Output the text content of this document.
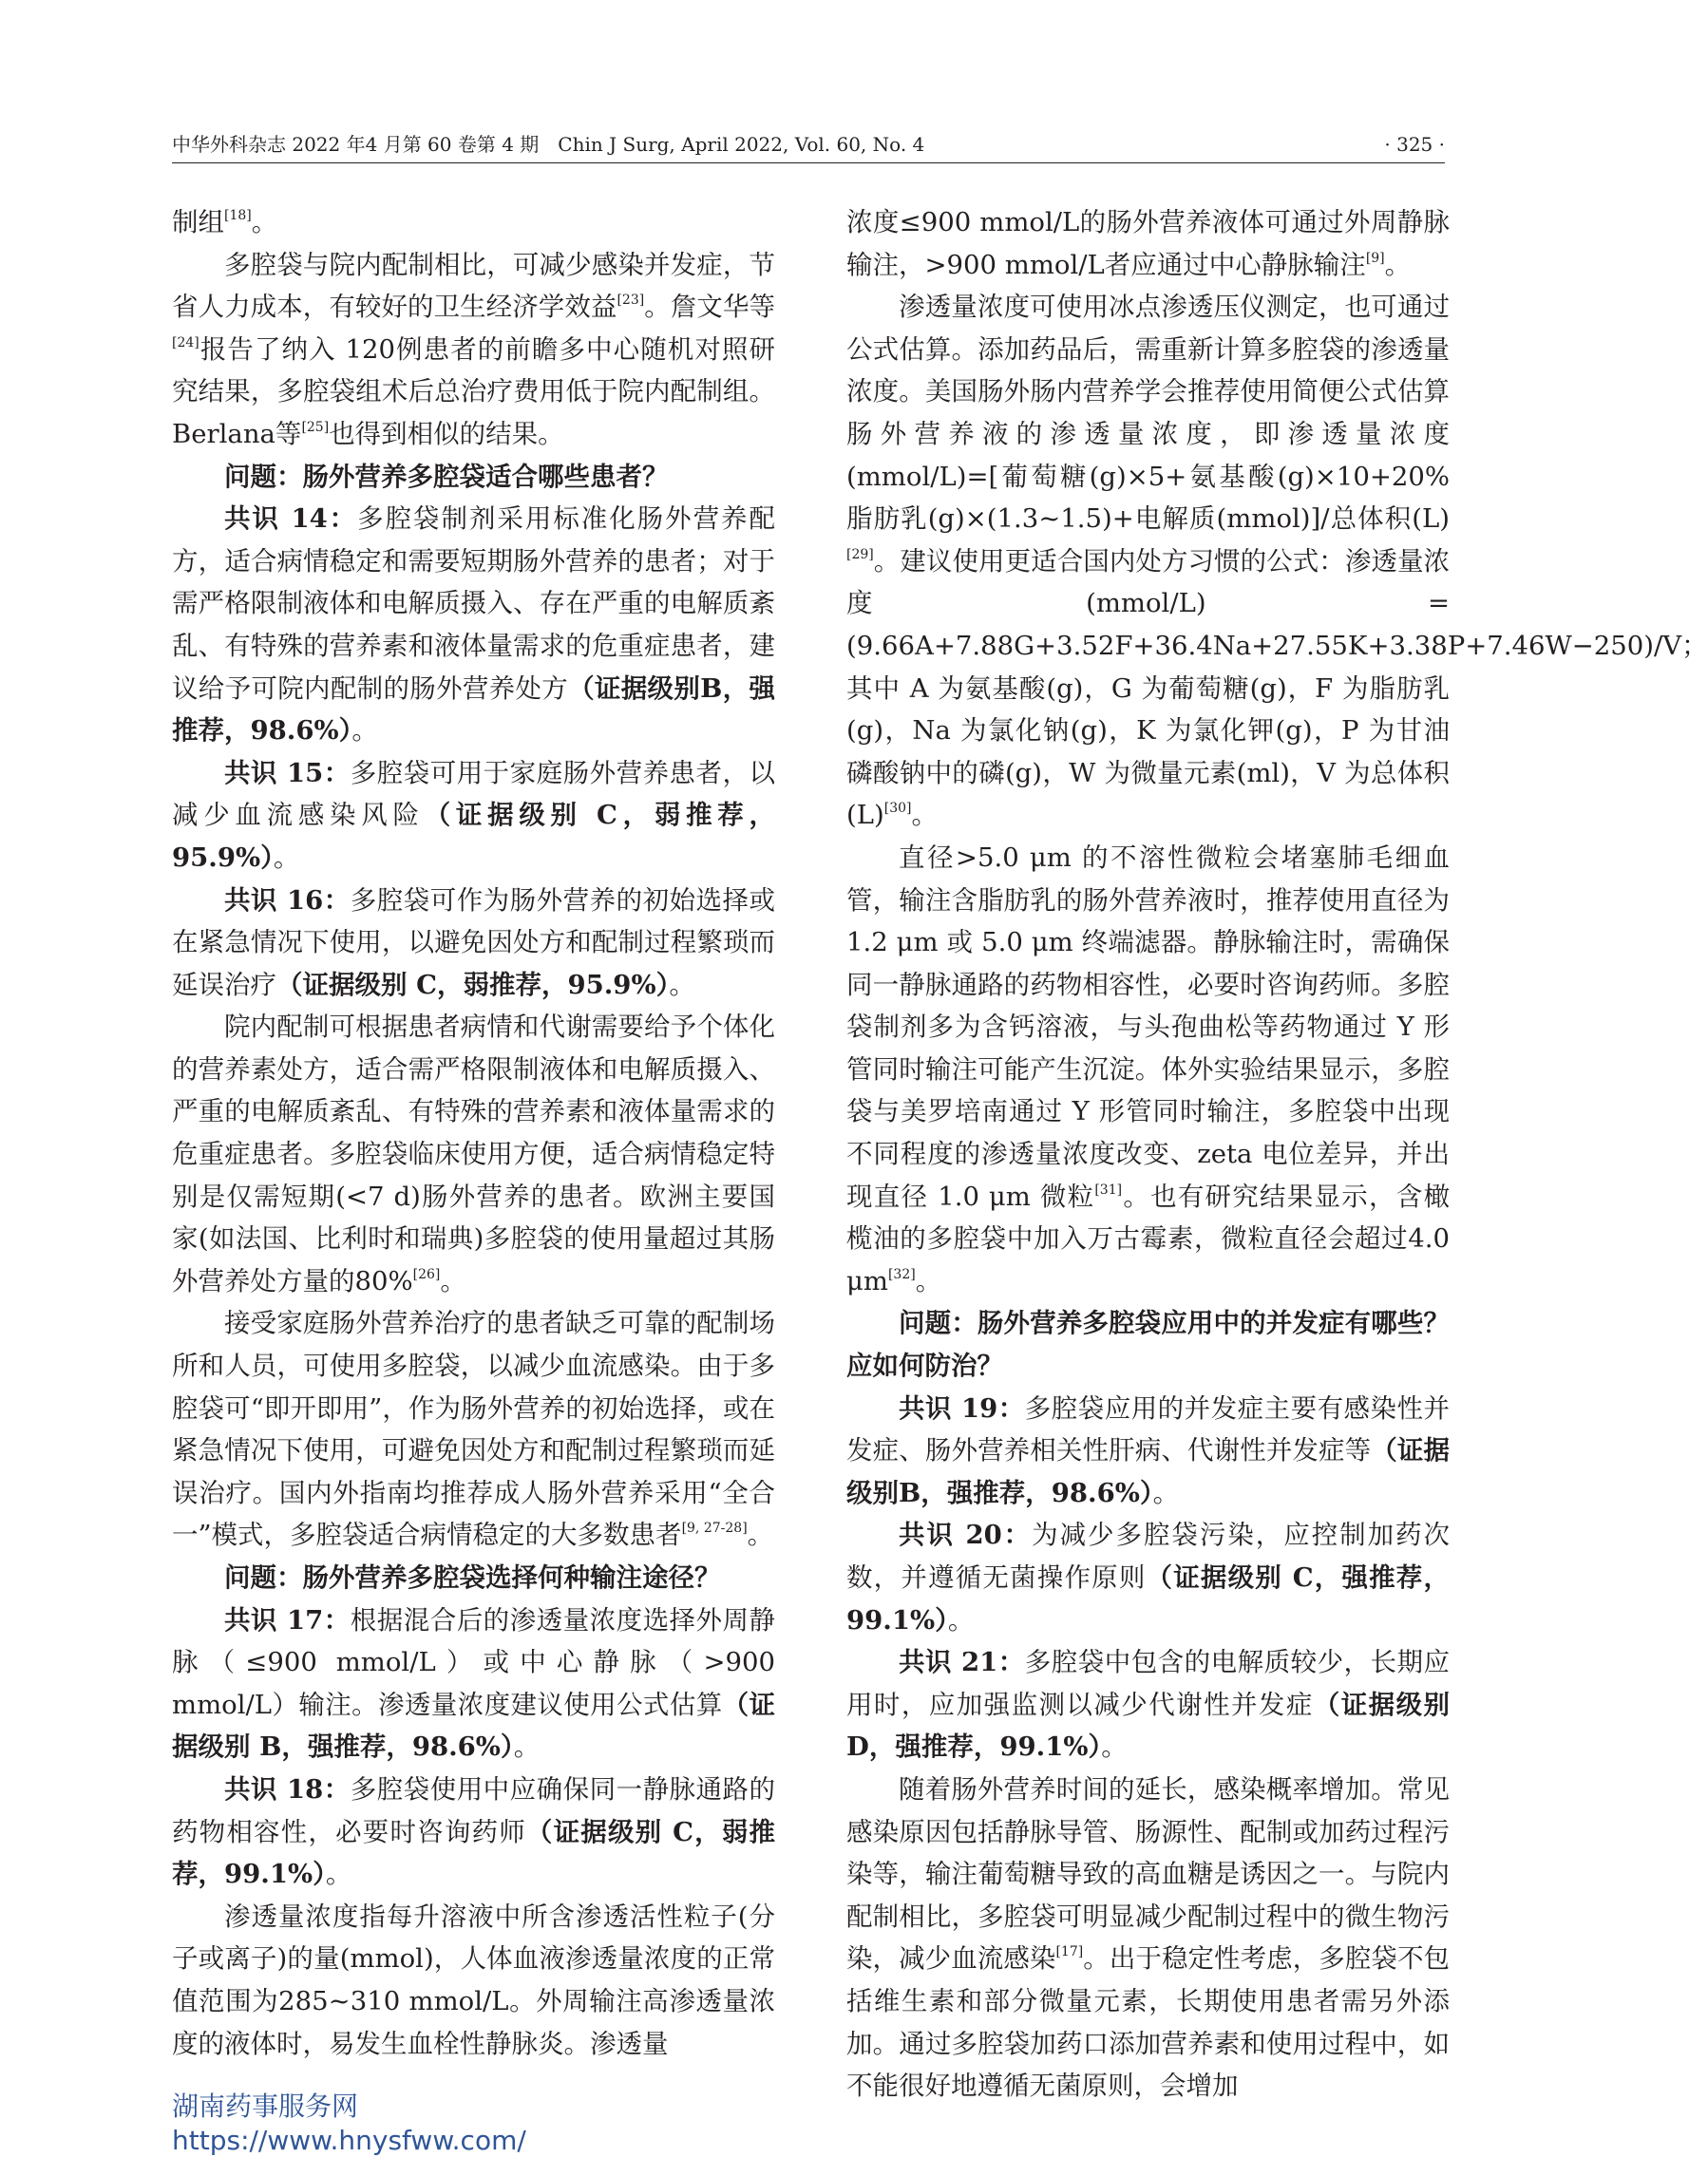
中华外科杂志 2022 年4 月第 60 卷第 4 期　Chin J Surg, April 2022, Vol. 60, No. 4	· 325 ·

制组[18]。

多腔袋与院内配制相比，可减少感染并发症，节省人力成本，有较好的卫生经济学效益[23]。詹文华等[24]报告了纳入 120例患者的前瞻多中心随机对照研究结果，多腔袋组术后总治疗费用低于院内配制组。Berlana等[25]也得到相似的结果。

问题：肠外营养多腔袋适合哪些患者？

共识 14：多腔袋制剂采用标准化肠外营养配方，适合病情稳定和需要短期肠外营养的患者；对于需严格限制液体和电解质摄入、存在严重的电解质紊乱、有特殊的营养素和液体量需求的危重症患者，建议给予可院内配制的肠外营养处方（证据级别B，强推荐，98.6%）。

共识 15：多腔袋可用于家庭肠外营养患者，以减少血流感染风险（证据级别 C，弱推荐，95.9%）。

共识 16：多腔袋可作为肠外营养的初始选择或在紧急情况下使用，以避免因处方和配制过程繁琐而延误治疗（证据级别 C，弱推荐，95.9%）。

院内配制可根据患者病情和代谢需要给予个体化的营养素处方，适合需严格限制液体和电解质摄入、严重的电解质紊乱、有特殊的营养素和液体量需求的危重症患者。多腔袋临床使用方便，适合病情稳定特别是仅需短期(<7 d)肠外营养的患者。欧洲主要国家(如法国、比利时和瑞典)多腔袋的使用量超过其肠外营养处方量的80%[26]。

接受家庭肠外营养治疗的患者缺乏可靠的配制场所和人员，可使用多腔袋，以减少血流感染。由于多腔袋可“即开即用”，作为肠外营养的初始选择，或在紧急情况下使用，可避免因处方和配制过程繁琐而延误治疗。国内外指南均推荐成人肠外营养采用“全合一”模式，多腔袋适合病情稳定的大多数患者[9, 27-28]。

问题：肠外营养多腔袋选择何种输注途径？

共识 17：根据混合后的渗透量浓度选择外周静脉（≤900 mmol/L）或中心静脉（>900 mmol/L）输注。渗透量浓度建议使用公式估算（证据级别 B，强推荐，98.6%）。

共识 18：多腔袋使用中应确保同一静脉通路的药物相容性，必要时咨询药师（证据级别 C，弱推荐，99.1%）。

渗透量浓度指每升溶液中所含渗透活性粒子(分子或离子)的量(mmol)，人体血液渗透量浓度的正常值范围为285~310 mmol/L。外周输注高渗透量浓度的液体时，易发生血栓性静脉炎。渗透量

浓度≤900 mmol/L的肠外营养液体可通过外周静脉输注，>900 mmol/L者应通过中心静脉输注[9]。

渗透量浓度可使用冰点渗透压仪测定，也可通过公式估算。添加药品后，需重新计算多腔袋的渗透量浓度。美国肠外肠内营养学会推荐使用简便公式估算肠外营养液的渗透量浓度，即渗透量浓度(mmol/L)=[葡萄糖(g)×5+氨基酸(g)×10+20% 脂肪乳(g)×(1.3~1.5)+电解质(mmol)]/总体积(L)[29]。建议使用更适合国内处方习惯的公式：渗透量浓度(mmol/L) = (9.66A+7.88G+3.52F+36.4Na+27.55K+3.38P+7.46W−250)/V；其中 A 为氨基酸(g)，G 为葡萄糖(g)，F 为脂肪乳(g)，Na 为氯化钠(g)，K 为氯化钾(g)，P 为甘油磷酸钠中的磷(g)，W 为微量元素(ml)，V 为总体积(L)[30]。

直径>5.0 μm 的不溶性微粒会堵塞肺毛细血管，输注含脂肪乳的肠外营养液时，推荐使用直径为 1.2 μm 或 5.0 μm 终端滤器。静脉输注时，需确保同一静脉通路的药物相容性，必要时咨询药师。多腔袋制剂多为含钙溶液，与头孢曲松等药物通过 Y 形管同时输注可能产生沉淀。体外实验结果显示，多腔袋与美罗培南通过 Y 形管同时输注，多腔袋中出现不同程度的渗透量浓度改变、zeta 电位差异，并出现直径 1.0 μm 微粒[31]。也有研究结果显示，含橄榄油的多腔袋中加入万古霉素，微粒直径会超过4.0 μm[32]。

问题：肠外营养多腔袋应用中的并发症有哪些？应如何防治？

共识 19：多腔袋应用的并发症主要有感染性并发症、肠外营养相关性肝病、代谢性并发症等（证据级别B，强推荐，98.6%）。

共识 20：为减少多腔袋污染，应控制加药次数，并遵循无菌操作原则（证据级别 C，强推荐，99.1%）。

共识 21：多腔袋中包含的电解质较少，长期应用时，应加强监测以减少代谢性并发症（证据级别 D，强推荐，99.1%）。

随着肠外营养时间的延长，感染概率增加。常见感染原因包括静脉导管、肠源性、配制或加药过程污染等，输注葡萄糖导致的高血糖是诱因之一。与院内配制相比，多腔袋可明显减少配制过程中的微生物污染，减少血流感染[17]。出于稳定性考虑，多腔袋不包括维生素和部分微量元素，长期使用患者需另外添加。通过多腔袋加药口添加营养素和使用过程中，如不能很好地遵循无菌原则，会增加

湖南药事服务网
https://www.hnysfww.com/
